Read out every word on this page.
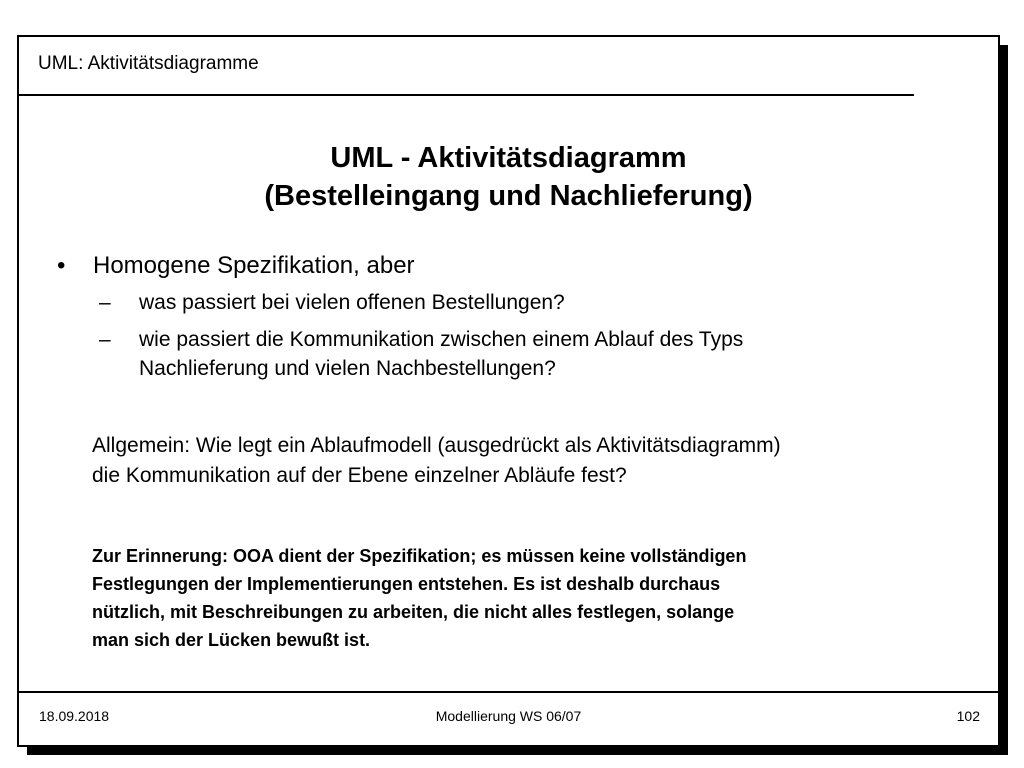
UML: Aktivitätsdiagramme
UML - Aktivitätsdiagramm
(Bestelleingang und Nachlieferung)
• Homogene Spezifikation, aber
– was passiert bei vielen offenen Bestellungen?
– wie passiert die Kommunikation zwischen einem Ablauf des Typs
Nachlieferung und vielen Nachbestellungen?
Allgemein: Wie legt ein Ablaufmodell (ausgedrückt als Aktivitätsdiagramm)
die Kommunikation auf der Ebene einzelner Abläufe fest?
Zur Erinnerung: OOA dient der Spezifikation; es müssen keine vollständigen
Festlegungen der Implementierungen entstehen. Es ist deshalb durchaus
nützlich, mit Beschreibungen zu arbeiten, die nicht alles festlegen, solange
man sich der Lücken bewußt ist.
18.09.2018	Modellierung WS 06/07	102
